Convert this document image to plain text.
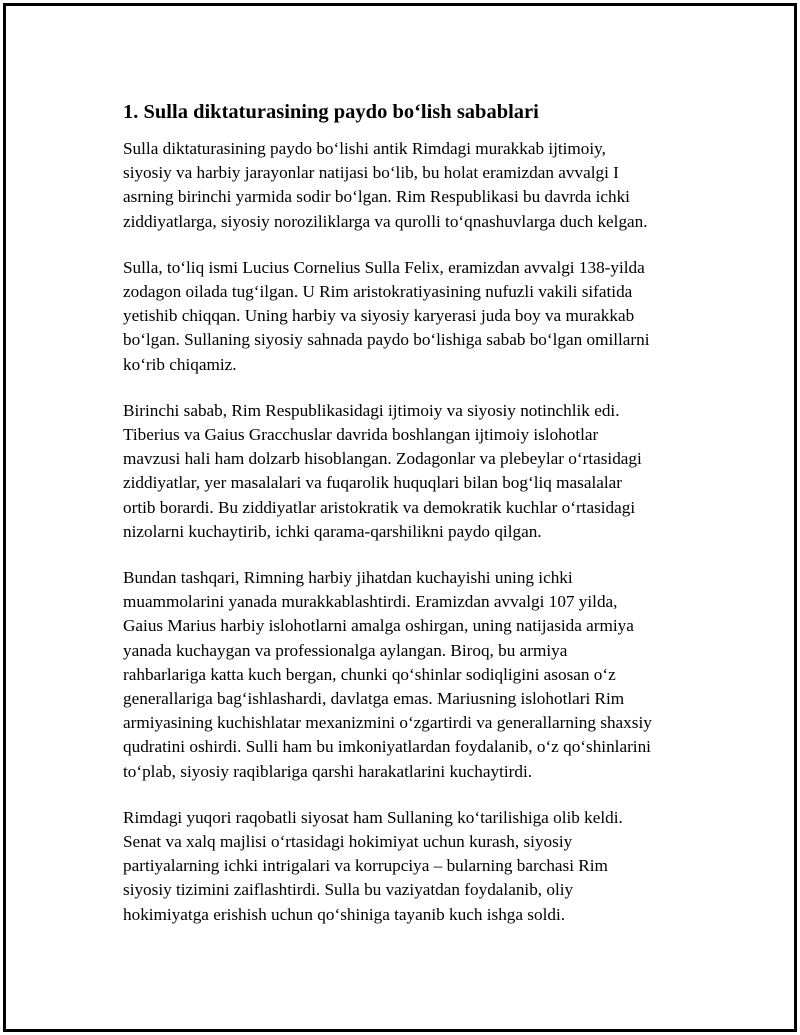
1. Sulla diktaturasining paydo bo‘lish sabablari

Sulla diktaturasining paydo bo‘lishi antik Rimdagi murakkab ijtimoiy,
siyosiy va harbiy jarayonlar natijasi bo‘lib, bu holat eramizdan avvalgi I
asrning birinchi yarmida sodir bo‘lgan. Rim Respublikasi bu davrda ichki
ziddiyatlarga, siyosiy noroziliklarga va qurolli to‘qnashuvlarga duch kelgan.

Sulla, to‘liq ismi Lucius Cornelius Sulla Felix, eramizdan avvalgi 138-yilda
zodagon oilada tug‘ilgan. U Rim aristokratiyasining nufuzli vakili sifatida
yetishib chiqqan. Uning harbiy va siyosiy karyerasi juda boy va murakkab
bo‘lgan. Sullaning siyosiy sahnada paydo bo‘lishiga sabab bo‘lgan omillarni
ko‘rib chiqamiz.

Birinchi sabab, Rim Respublikasidagi ijtimoiy va siyosiy notinchlik edi.
Tiberius va Gaius Gracchuslar davrida boshlangan ijtimoiy islohotlar
mavzusi hali ham dolzarb hisoblangan. Zodagonlar va plebeylar o‘rtasidagi
ziddiyatlar, yer masalalari va fuqarolik huquqlari bilan bog‘liq masalalar
ortib borardi. Bu ziddiyatlar aristokratik va demokratik kuchlar o‘rtasidagi
nizolarni kuchaytirib, ichki qarama-qarshilikni paydo qilgan.

Bundan tashqari, Rimning harbiy jihatdan kuchayishi uning ichki
muammolarini yanada murakkablashtirdi. Eramizdan avvalgi 107 yilda,
Gaius Marius harbiy islohotlarni amalga oshirgan, uning natijasida armiya
yanada kuchaygan va professionalga aylangan. Biroq, bu armiya
rahbarlariga katta kuch bergan, chunki qo‘shinlar sodiqligini asosan o‘z
generallariga bag‘ishlashardi, davlatga emas. Mariusning islohotlari Rim
armiyasining kuchishlatar mexanizmini o‘zgartirdi va generallarning shaxsiy
qudratini oshirdi. Sulli ham bu imkoniyatlardan foydalanib, o‘z qo‘shinlarini
to‘plab, siyosiy raqiblariga qarshi harakatlarini kuchaytirdi.

Rimdagi yuqori raqobatli siyosat ham Sullaning ko‘tarilishiga olib keldi.
Senat va xalq majlisi o‘rtasidagi hokimiyat uchun kurash, siyosiy
partiyalarning ichki intrigalari va korrupciya – bularning barchasi Rim
siyosiy tizimini zaiflashtirdi. Sulla bu vaziyatdan foydalanib, oliy
hokimiyatga erishish uchun qo‘shiniga tayanib kuch ishga soldi.
